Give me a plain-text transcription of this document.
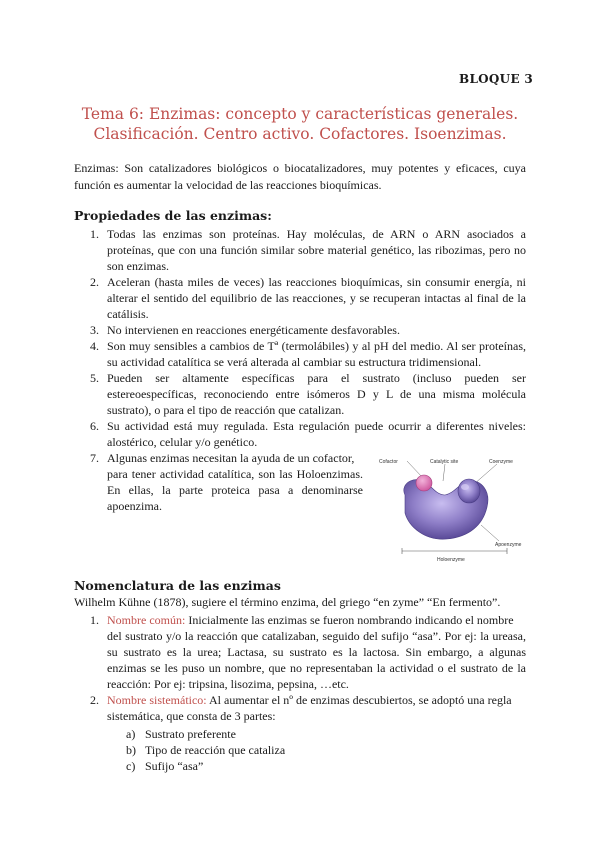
BLOQUE 3
Tema 6: Enzimas: concepto y características generales.
Clasificación. Centro activo. Cofactores. Isoenzimas.
Enzimas: Son catalizadores biológicos o biocatalizadores, muy potentes y eficaces, cuya
función es aumentar la velocidad de las reacciones bioquímicas.
Propiedades de las enzimas:
1. Todas las enzimas son proteínas. Hay moléculas, de ARN o ARN asociados a
proteínas, que con una función similar sobre material genético, las ribozimas, pero no
son enzimas.
2. Aceleran (hasta miles de veces) las reacciones bioquímicas, sin consumir energía, ni
alterar el sentido del equilibrio de las reacciones, y se recuperan intactas al final de la
catálisis.
3. No intervienen en reacciones energéticamente desfavorables.
4. Son muy sensibles a cambios de Tª (termolábiles) y al pH del medio. Al ser proteínas,
su actividad catalítica se verá alterada al cambiar su estructura tridimensional.
5. Pueden ser altamente específicas para el sustrato (incluso pueden ser
estereoespecíficas, reconociendo entre isómeros D y L de una misma molécula
sustrato), o para el tipo de reacción que catalizan.
6. Su actividad está muy regulada. Esta regulación puede ocurrir a diferentes niveles:
alostérico, celular y/o genético.
7. Algunas enzimas necesitan la ayuda de un cofactor,
para tener actividad catalítica, son las Holoenzimas.
En ellas, la parte proteica pasa a denominarse
apoenzima.
Cofactor	Catalytic site	Coenzyme
Apoenzyme
Holoenzyme
Nomenclatura de las enzimas
Wilhelm Kühne (1878), sugiere el término enzima, del griego “en zyme” “En fermento”.
1. Nombre común: Inicialmente las enzimas se fueron nombrando indicando el nombre
del sustrato y/o la reacción que catalizaban, seguido del sufijo “asa”. Por ej: la ureasa,
su sustrato es la urea; Lactasa, su sustrato es la lactosa. Sin embargo, a algunas
enzimas se les puso un nombre, que no representaban la actividad o el sustrato de la
reacción: Por ej: tripsina, lisozima, pepsina, …etc.
2. Nombre sistemático: Al aumentar el nº de enzimas descubiertos, se adoptó una regla
sistemática, que consta de 3 partes:
a) Sustrato preferente
b) Tipo de reacción que cataliza
c) Sufijo “asa”
